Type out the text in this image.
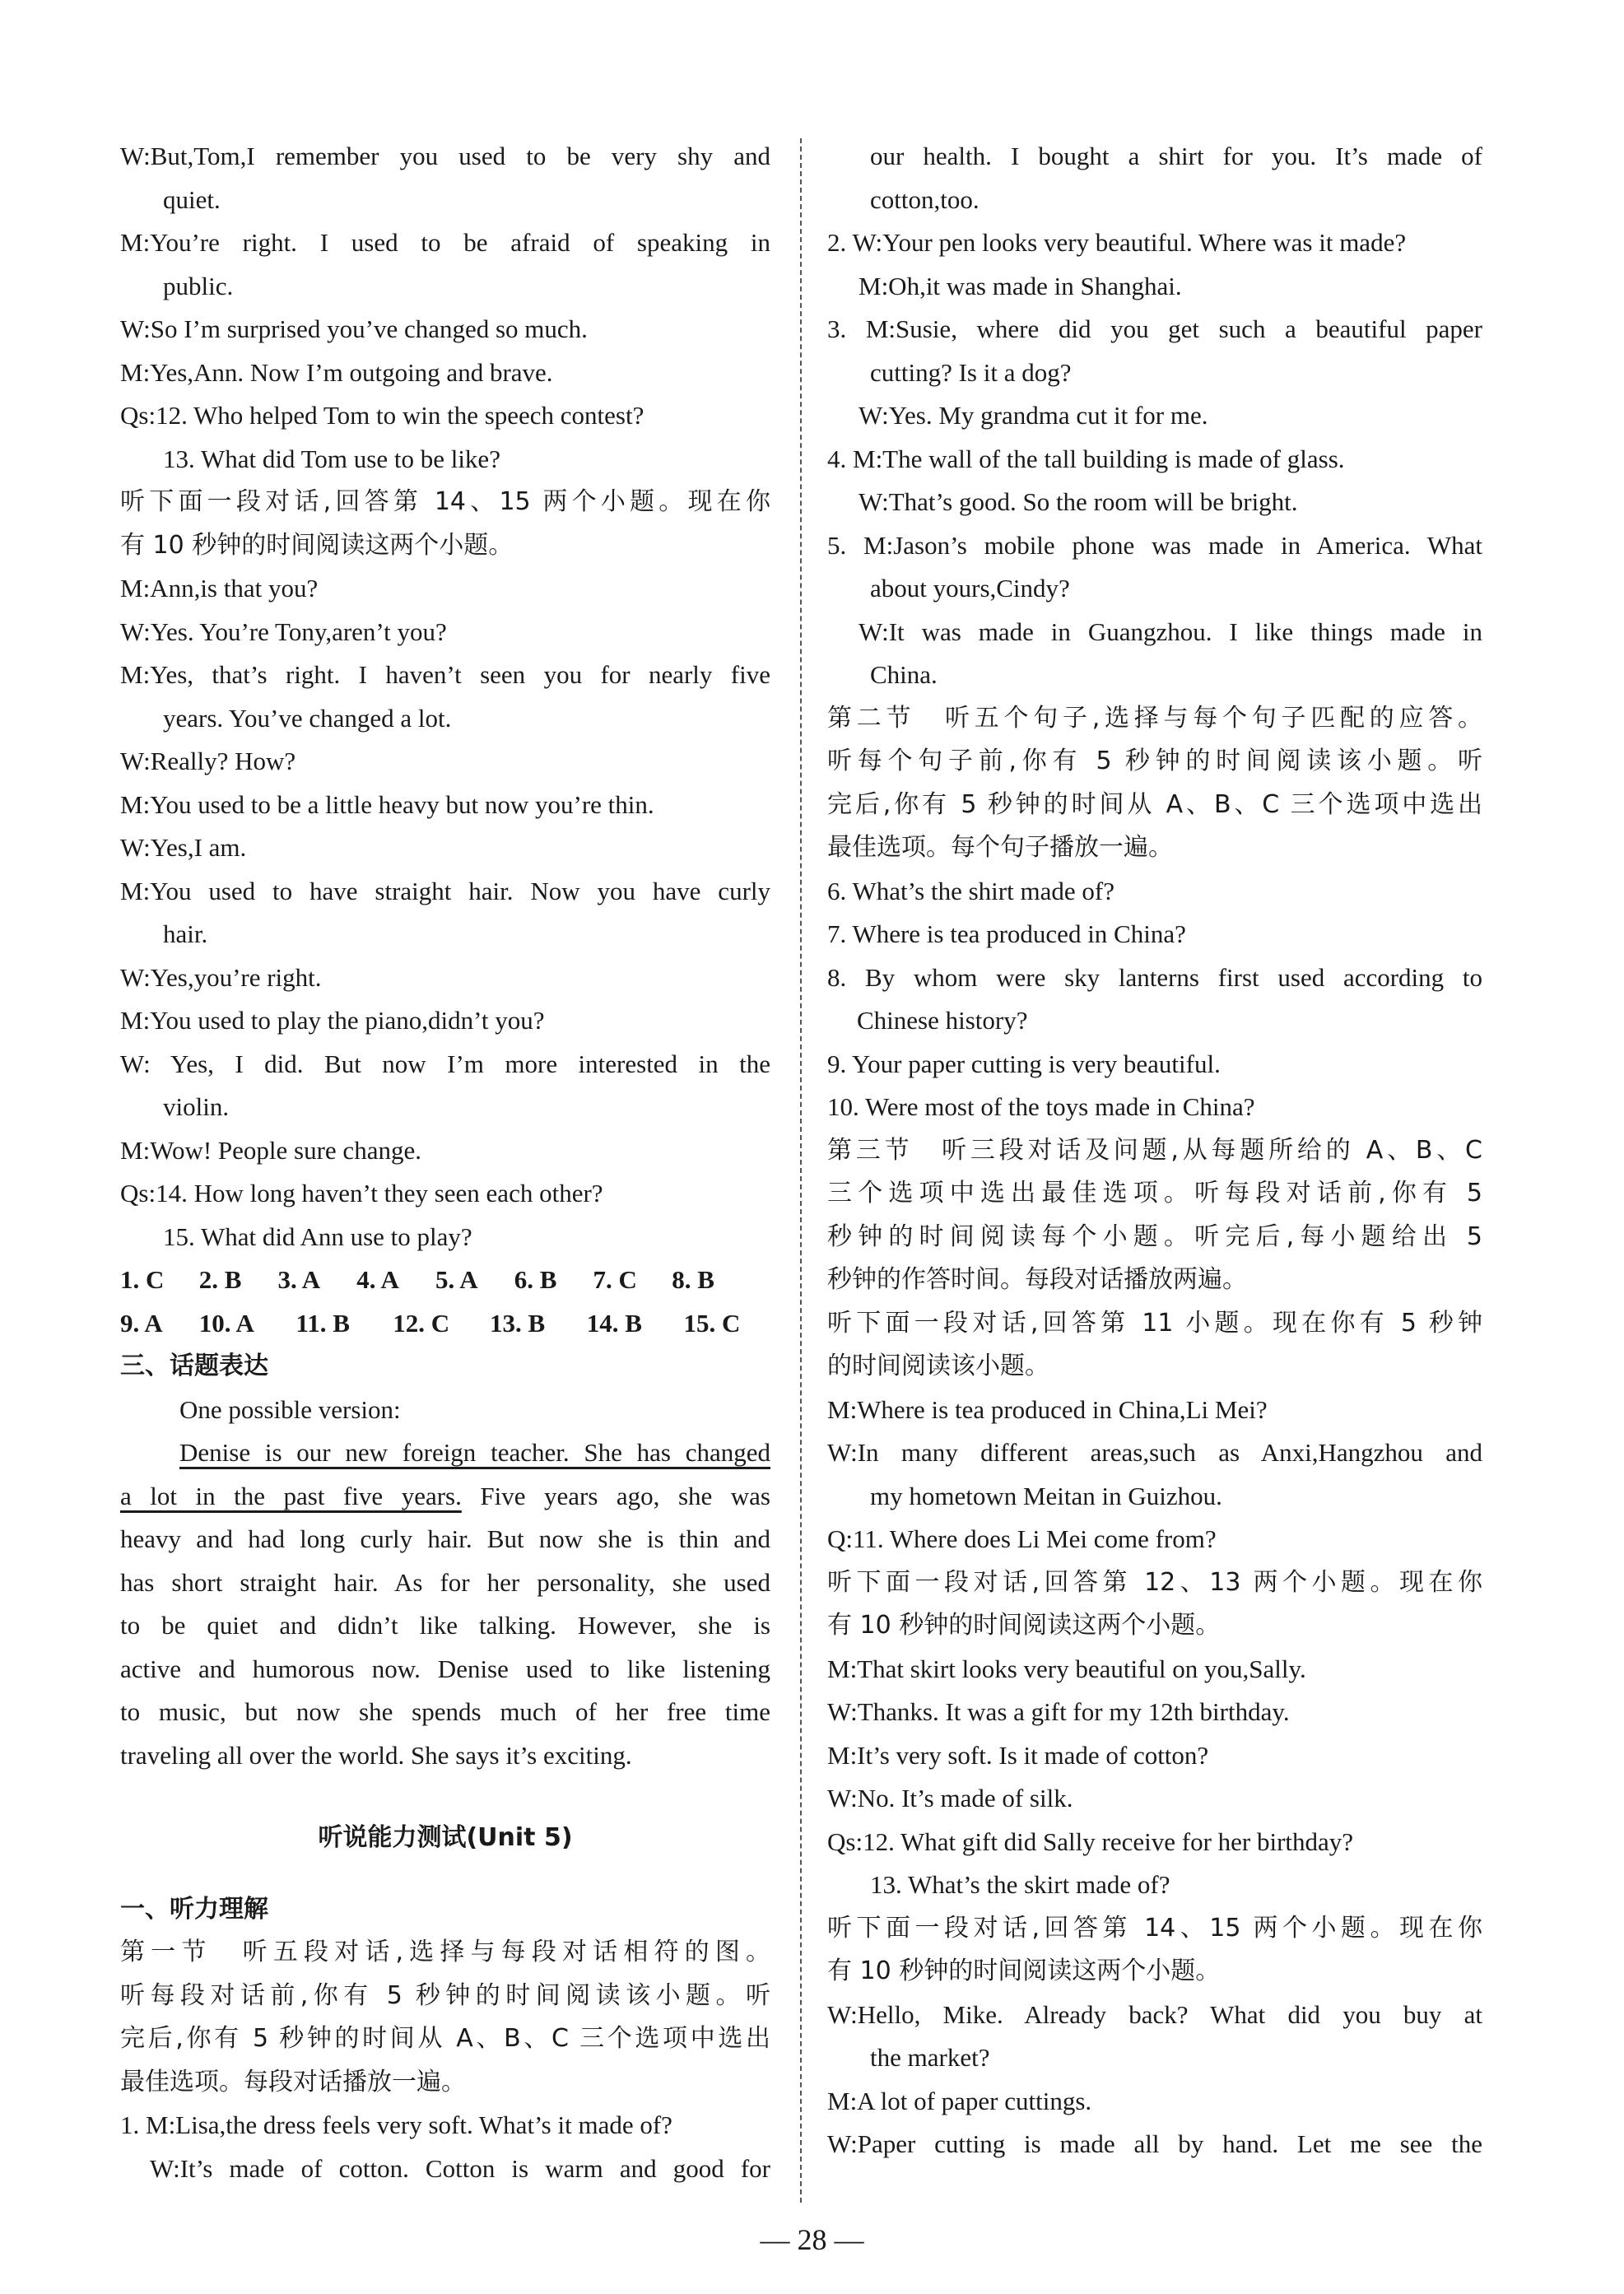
W:But,Tom,I remember you used to be very shy and
quiet.
M:You’re right. I used to be afraid of speaking in
public.
W:So I’m surprised you’ve changed so much.
M:Yes,Ann. Now I’m outgoing and brave.
Qs:12. Who helped Tom to win the speech contest?
13. What did Tom use to be like?
听下面一段对话,回答第 14、15 两个小题。现在你
有 10 秒钟的时间阅读这两个小题。
M:Ann,is that you?
W:Yes. You’re Tony,aren’t you?
M:Yes, that’s right. I haven’t seen you for nearly five
years. You’ve changed a lot.
W:Really? How?
M:You used to be a little heavy but now you’re thin.
W:Yes,I am.
M:You used to have straight hair. Now you have curly
hair.
W:Yes,you’re right.
M:You used to play the piano,didn’t you?
W: Yes, I did. But now I’m more interested in the
violin.
M:Wow! People sure change.
Qs:14. How long haven’t they seen each other?
15. What did Ann use to play?
1. C 2. B 3. A 4. A 5. A 6. B 7. C 8. B
9. A 10. A 11. B 12. C 13. B 14. B 15. C
三、话题表达
One possible version:
Denise is our new foreign teacher. She has changed
a lot in the past five years. Five years ago, she was
heavy and had long curly hair. But now she is thin and
has short straight hair. As for her personality, she used
to be quiet and didn’t like talking. However, she is
active and humorous now. Denise used to like listening
to music, but now she spends much of her free time
traveling all over the world. She says it’s exciting.
听说能力测试(Unit 5)
一、听力理解
第一节　听五段对话,选择与每段对话相符的图。
听每段对话前,你有 5 秒钟的时间阅读该小题。听
完后,你有 5 秒钟的时间从 A、B、C 三个选项中选出
最佳选项。每段对话播放一遍。
1. M:Lisa,the dress feels very soft. What’s it made of?
W:It’s made of cotton. Cotton is warm and good for
our health. I bought a shirt for you. It’s made of
cotton,too.
2. W:Your pen looks very beautiful. Where was it made?
M:Oh,it was made in Shanghai.
3. M:Susie, where did you get such a beautiful paper
cutting? Is it a dog?
W:Yes. My grandma cut it for me.
4. M:The wall of the tall building is made of glass.
W:That’s good. So the room will be bright.
5. M:Jason’s mobile phone was made in America. What
about yours,Cindy?
W:It was made in Guangzhou. I like things made in
China.
第二节　听五个句子,选择与每个句子匹配的应答。
听每个句子前,你有 5 秒钟的时间阅读该小题。听
完后,你有 5 秒钟的时间从 A、B、C 三个选项中选出
最佳选项。每个句子播放一遍。
6. What’s the shirt made of?
7. Where is tea produced in China?
8. By whom were sky lanterns first used according to
Chinese history?
9. Your paper cutting is very beautiful.
10. Were most of the toys made in China?
第三节　听三段对话及问题,从每题所给的 A、B、C
三个选项中选出最佳选项。听每段对话前,你有 5
秒钟的时间阅读每个小题。听完后,每小题给出 5
秒钟的作答时间。每段对话播放两遍。
听下面一段对话,回答第 11 小题。现在你有 5 秒钟
的时间阅读该小题。
M:Where is tea produced in China,Li Mei?
W:In many different areas,such as Anxi,Hangzhou and
my hometown Meitan in Guizhou.
Q:11. Where does Li Mei come from?
听下面一段对话,回答第 12、13 两个小题。现在你
有 10 秒钟的时间阅读这两个小题。
M:That skirt looks very beautiful on you,Sally.
W:Thanks. It was a gift for my 12th birthday.
M:It’s very soft. Is it made of cotton?
W:No. It’s made of silk.
Qs:12. What gift did Sally receive for her birthday?
13. What’s the skirt made of?
听下面一段对话,回答第 14、15 两个小题。现在你
有 10 秒钟的时间阅读这两个小题。
W:Hello, Mike. Already back? What did you buy at
the market?
M:A lot of paper cuttings.
W:Paper cutting is made all by hand. Let me see the
— 28 —
